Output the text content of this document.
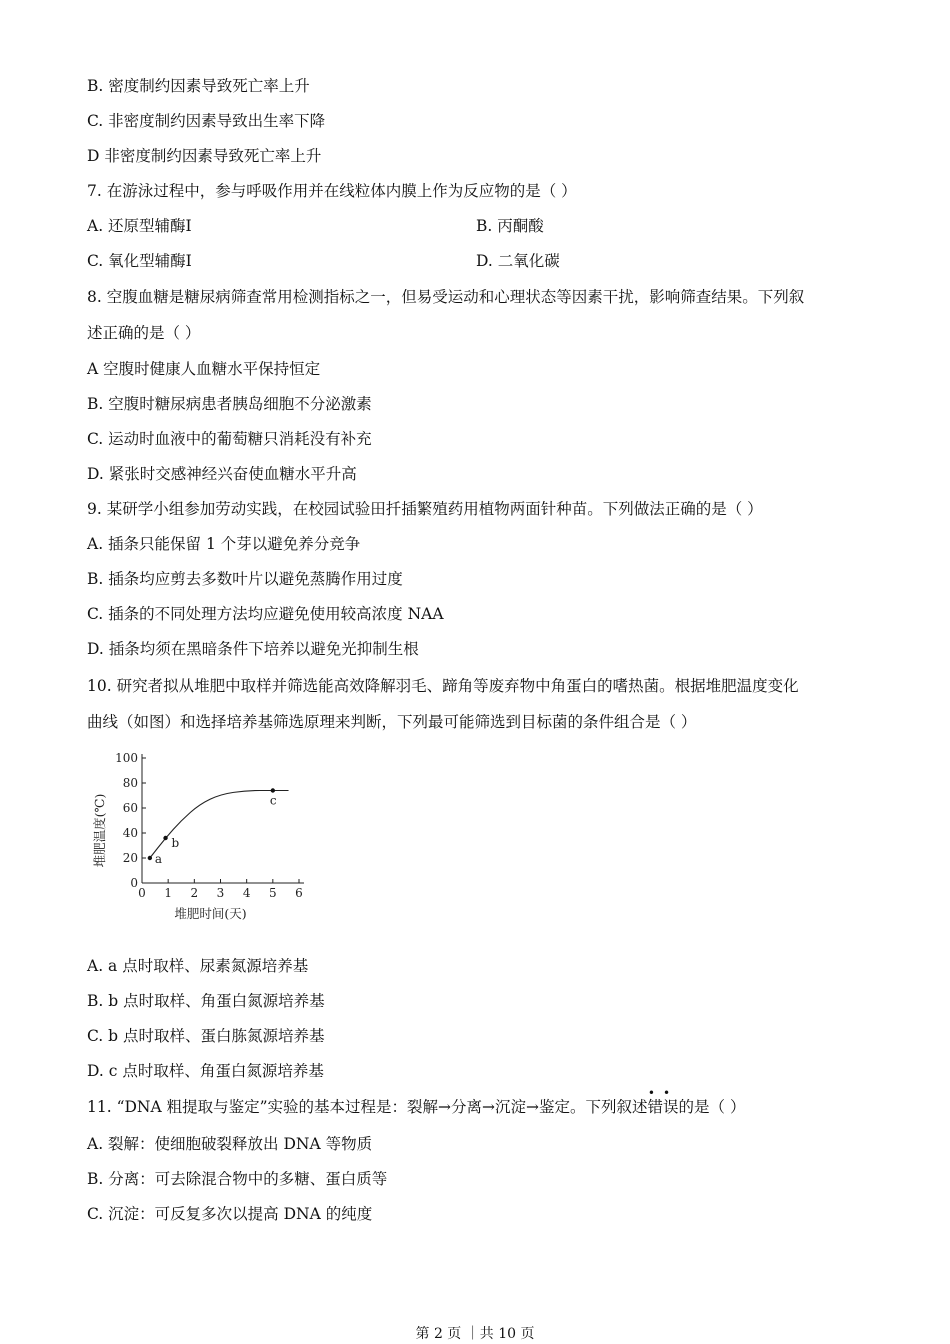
B. 密度制约因素导致死亡率上升
C. 非密度制约因素导致出生率下降
D 非密度制约因素导致死亡率上升
7. 在游泳过程中，参与呼吸作用并在线粒体内膜上作为反应物的是（ ）
A. 还原型辅酶Ⅰ	B. 丙酮酸
C. 氧化型辅酶Ⅰ	D. 二氧化碳
8. 空腹血糖是糖尿病筛查常用检测指标之一，但易受运动和心理状态等因素干扰，影响筛查结果。下列叙
述正确的是（ ）
A 空腹时健康人血糖水平保持恒定
B. 空腹时糖尿病患者胰岛细胞不分泌激素
C. 运动时血液中的葡萄糖只消耗没有补充
D. 紧张时交感神经兴奋使血糖水平升高
9. 某研学小组参加劳动实践，在校园试验田扦插繁殖药用植物两面针种苗。下列做法正确的是（ ）
A. 插条只能保留 1 个芽以避免养分竞争
B. 插条均应剪去多数叶片以避免蒸腾作用过度
C. 插条的不同处理方法均应避免使用较高浓度 NAA
D. 插条均须在黑暗条件下培养以避免光抑制生根
10. 研究者拟从堆肥中取样并筛选能高效降解羽毛、蹄角等废弃物中角蛋白的嗜热菌。根据堆肥温度变化
曲线（如图）和选择培养基筛选原理来判断，下列最可能筛选到目标菌的条件组合是（ ）
0 1 2 3 4 5 6
0
20
40
60
80
100
堆肥时间(天)
堆肥温度(℃)	a
b
c
A. a 点时取样、尿素氮源培养基
B. b 点时取样、角蛋白氮源培养基
C. b 点时取样、蛋白胨氮源培养基
D. c 点时取样、角蛋白氮源培养基
11. “DNA 粗提取与鉴定”实验的基本过程是：裂解→分离→沉淀→鉴定。下列叙述
••
错误的是（ ）
A. 裂解：使细胞破裂释放出 DNA 等物质
B. 分离：可去除混合物中的多糖、蛋白质等
C. 沉淀：可反复多次以提高 DNA 的纯度
第 2 页 ｜共 10 页
